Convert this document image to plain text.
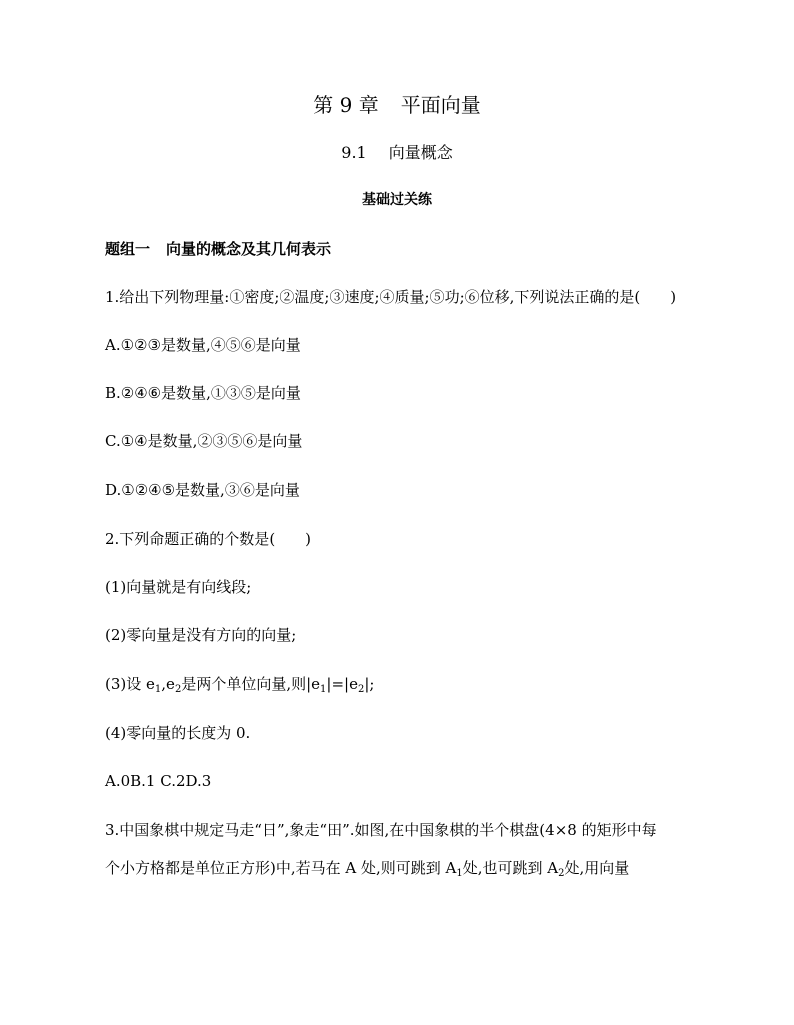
第 9 章 平面向量
9.1 向量概念
基础过关练
题组一 向量的概念及其几何表示
1.给出下列物理量:①密度;②温度;③速度;④质量;⑤功;⑥位移,下列说法正确的是(　　)
A.①②③是数量,④⑤⑥是向量
B.②④⑥是数量,①③⑤是向量
C.①④是数量,②③⑤⑥是向量
D.①②④⑤是数量,③⑥是向量
2.下列命题正确的个数是(　　)
(1)向量就是有向线段;
(2)零向量是没有方向的向量;
(3)设 $e_1,e_2$是两个单位向量,则$|e_1|=|e_2|$;
(4)零向量的长度为 0.
A.0B.1 C.2D.3
3.中国象棋中规定马走“日”,象走“田”.如图,在中国象棋的半个棋盘(4×8 的矩形中每
个小方格都是单位正方形)中,若马在 A 处,则可跳到 $A_1$处,也可跳到 $A_2$处,用向量
